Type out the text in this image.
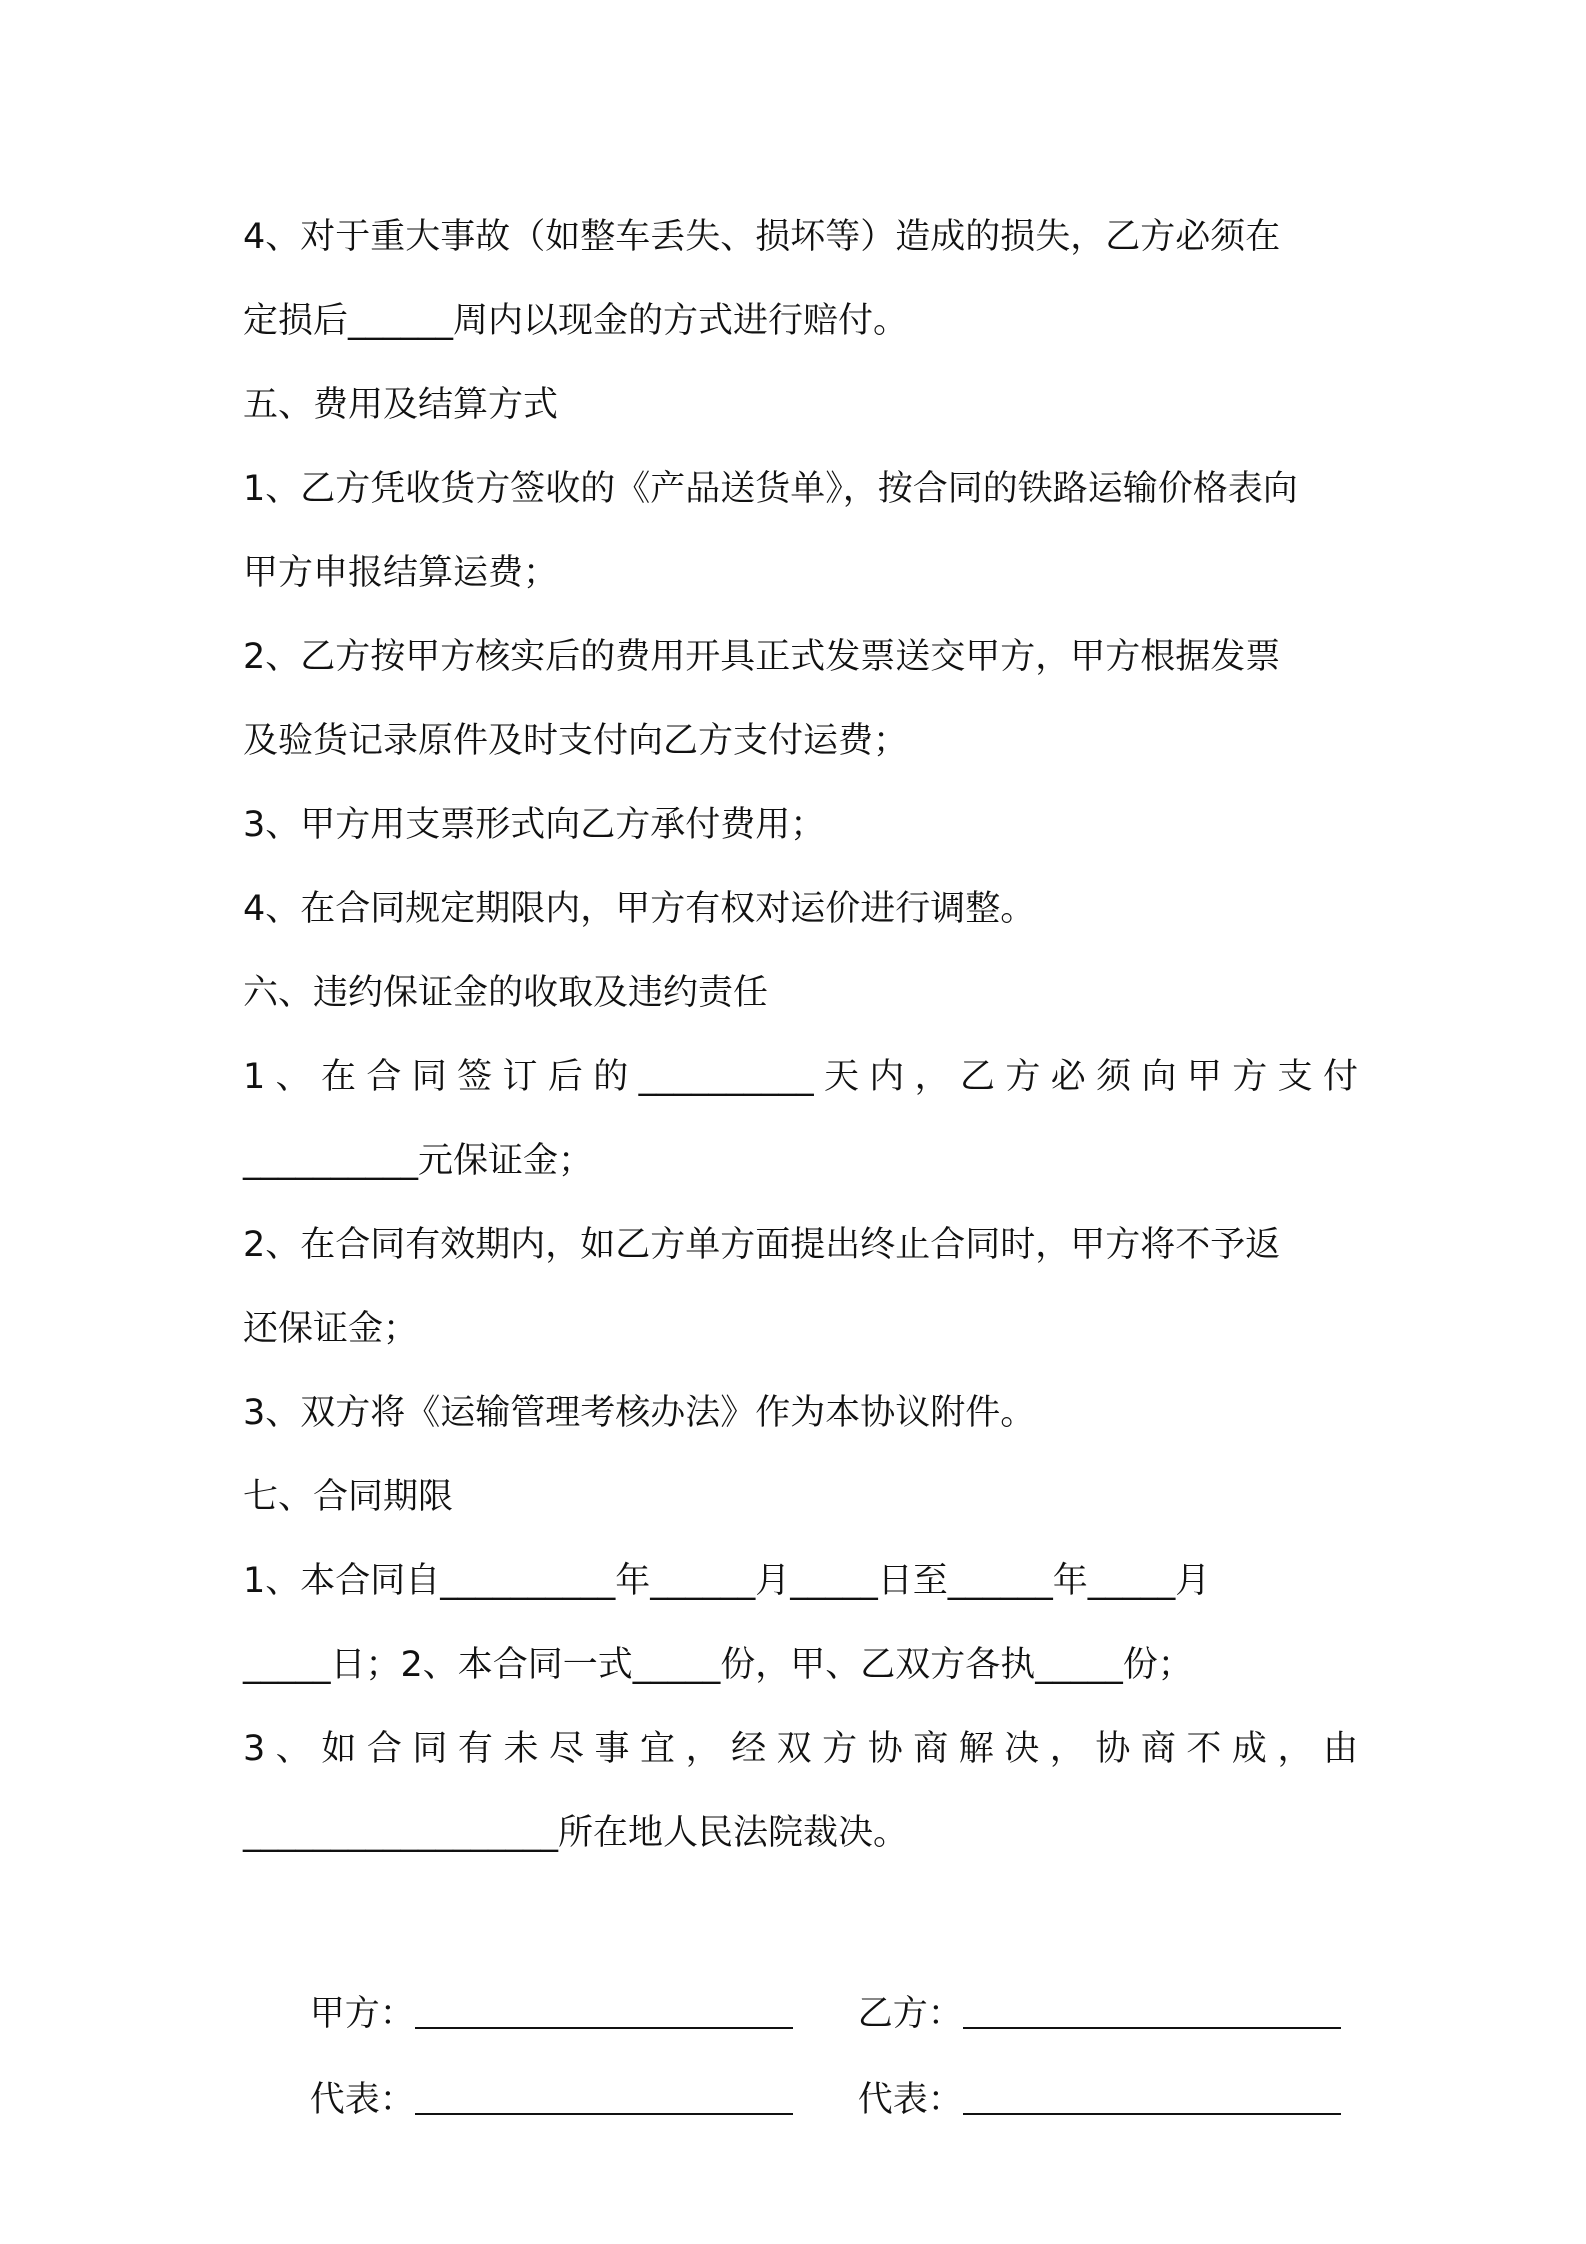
4、对于重大事故（如整车丢失、损坏等）造成的损失，乙方必须在
定损后______周内以现金的方式进行赔付。
五、费用及结算方式
1、乙方凭收货方签收的《产品送货单》，按合同的铁路运输价格表向
甲方申报结算运费；
2、乙方按甲方核实后的费用开具正式发票送交甲方，甲方根据发票
及验货记录原件及时支付向乙方支付运费；
3、甲方用支票形式向乙方承付费用；
4、在合同规定期限内，甲方有权对运价进行调整。
六、违约保证金的收取及违约责任
1、在合同签订后的__________天内，乙方必须向甲方支付
__________元保证金；
2、在合同有效期内，如乙方单方面提出终止合同时，甲方将不予返
还保证金；
3、双方将《运输管理考核办法》作为本协议附件。
七、合同期限
1、本合同自__________年______月_____日至______年_____月
_____日；2、本合同一式_____份，甲、乙双方各执_____份；
3、如合同有未尽事宜，经双方协商解决，协商不成，由
__________________所在地人民法院裁决。

甲方：
	乙方：

代表：
	代表：
